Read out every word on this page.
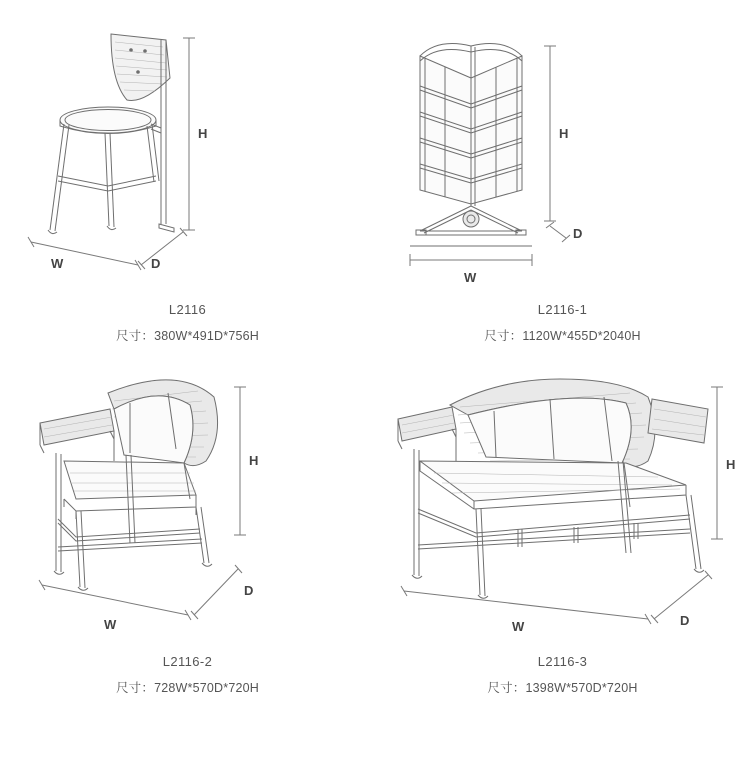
H
W	D
L2116
尺寸：380W*491D*756H
H
D
W
L2116-1
尺寸：1120W*455D*2040H
H
W
D
L2116-2
尺寸：728W*570D*720H
H
W	D
L2116-3
尺寸：1398W*570D*720H
